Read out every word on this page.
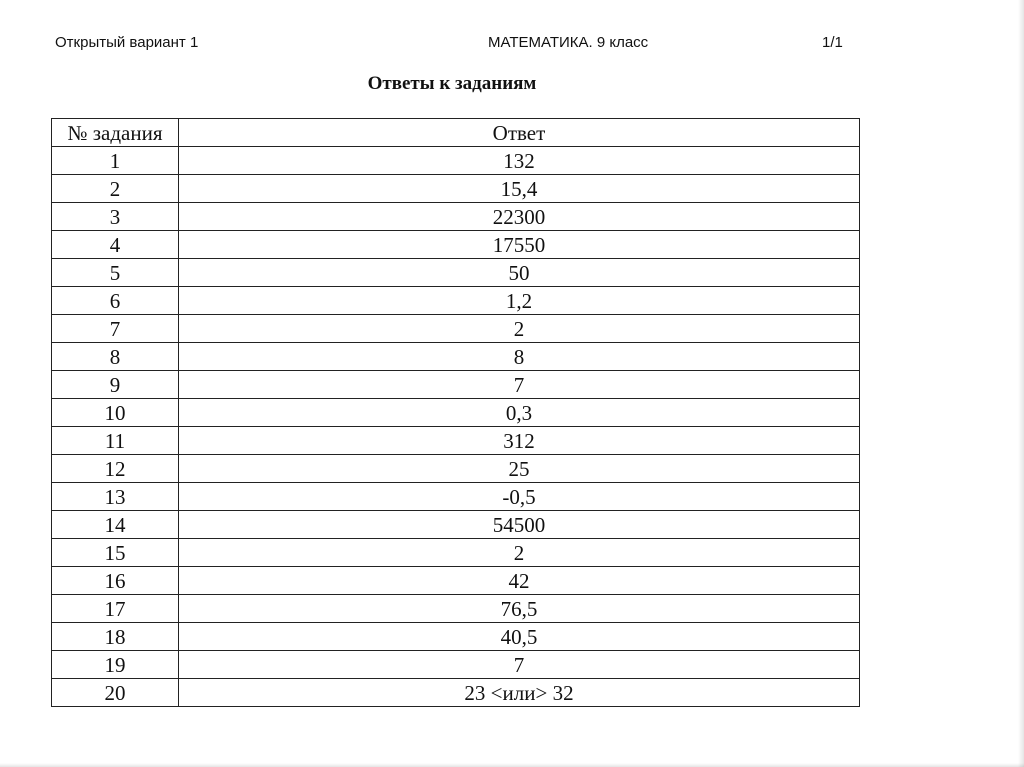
Открытый вариант 1	МАТЕМАТИКА. 9 класс	1/1
Ответы к заданиям
№ задания	Ответ
1	132
2	15,4
3	22300
4	17550
5	50
6	1,2
7	2
8	8
9	7
10	0,3
11	312
12	25
13	-0,5
14	54500
15	2
16	42
17	76,5
18	40,5
19	7
20	23 <или> 32
